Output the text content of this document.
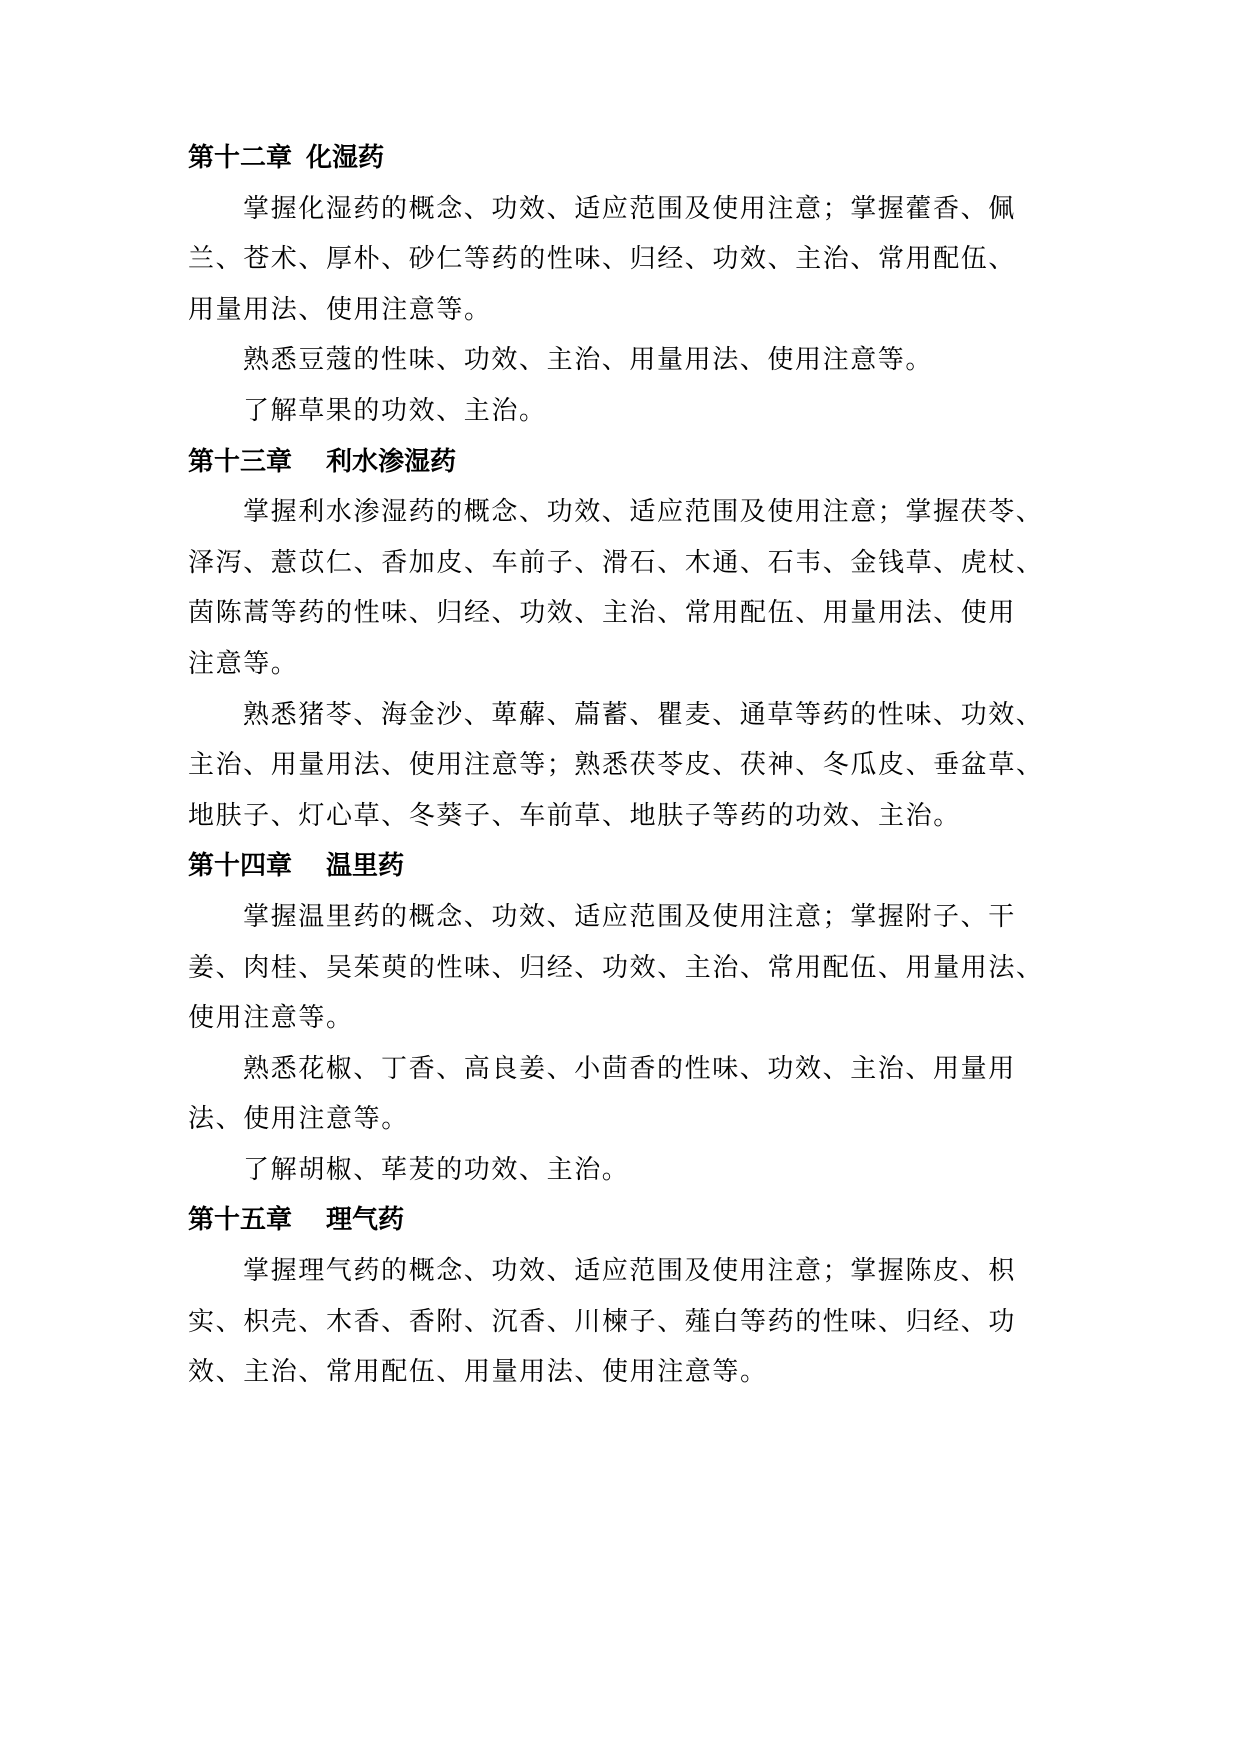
第十二章 化湿药
掌握化湿药的概念、功效、适应范围及使用注意；掌握藿香、佩
兰、苍术、厚朴、砂仁等药的性味、归经、功效、主治、常用配伍、
用量用法、使用注意等。
熟悉豆蔻的性味、功效、主治、用量用法、使用注意等。
了解草果的功效、主治。
第十三章 利水渗湿药
掌握利水渗湿药的概念、功效、适应范围及使用注意；掌握茯苓、
泽泻、薏苡仁、香加皮、车前子、滑石、木通、石韦、金钱草、虎杖、
茵陈蒿等药的性味、归经、功效、主治、常用配伍、用量用法、使用
注意等。
熟悉猪苓、海金沙、萆薢、萹蓄、瞿麦、通草等药的性味、功效、
主治、用量用法、使用注意等；熟悉茯苓皮、茯神、冬瓜皮、垂盆草、
地肤子、灯心草、冬葵子、车前草、地肤子等药的功效、主治。
第十四章 温里药
掌握温里药的概念、功效、适应范围及使用注意；掌握附子、干
姜、肉桂、吴茱萸的性味、归经、功效、主治、常用配伍、用量用法、
使用注意等。
熟悉花椒、丁香、高良姜、小茴香的性味、功效、主治、用量用
法、使用注意等。
了解胡椒、荜茇的功效、主治。
第十五章 理气药
掌握理气药的概念、功效、适应范围及使用注意；掌握陈皮、枳
实、枳壳、木香、香附、沉香、川楝子、薤白等药的性味、归经、功
效、主治、常用配伍、用量用法、使用注意等。
